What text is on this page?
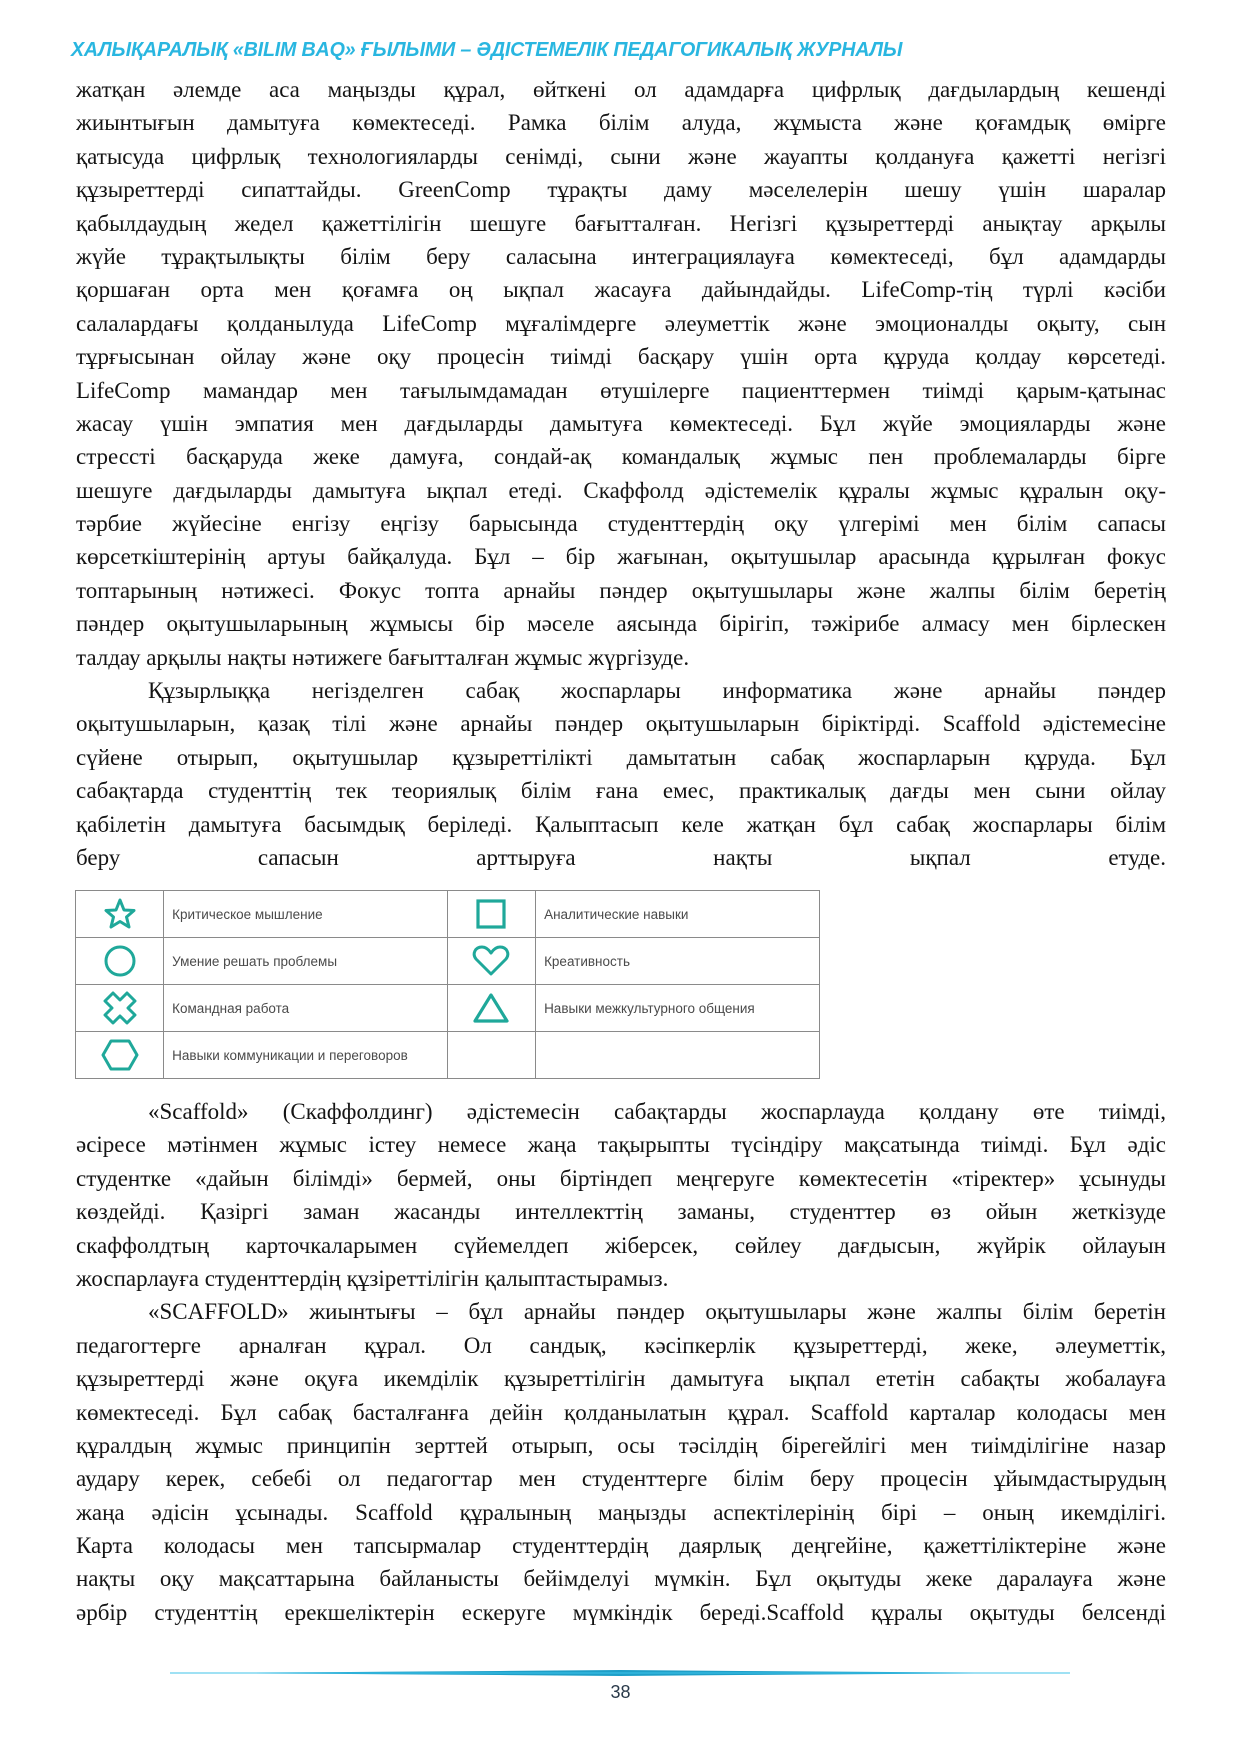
ХАЛЫҚАРАЛЫҚ «BILIM BAQ» ҒЫЛЫМИ – ӘДІСТЕМЕЛІК ПЕДАГОГИКАЛЫҚ ЖУРНАЛЫ
жатқан әлемде аса маңызды құрал, өйткені ол адамдарға цифрлық дағдылардың кешенді
жиынтығын дамытуға көмектеседі. Рамка білім алуда, жұмыста және қоғамдық өмірге
қатысуда цифрлық технологияларды сенімді, сыни және жауапты қолдануға қажетті негізгі
құзыреттерді сипаттайды. GreenComp тұрақты даму мәселелерін шешу үшін шаралар
қабылдаудың жедел қажеттілігін шешуге бағытталған. Негізгі құзыреттерді анықтау арқылы
жүйе тұрақтылықты білім беру саласына интеграциялауға көмектеседі, бұл адамдарды
қоршаған орта мен қоғамға оң ықпал жасауға дайындайды. LifeComp-тің түрлі кәсіби
салалардағы қолданылуда LifeComp мұғалімдерге әлеуметтік және эмоционалды оқыту, сын
тұрғысынан ойлау және оқу процесін тиімді басқару үшін орта құруда қолдау көрсетеді.
LifeComp мамандар мен тағылымдамадан өтушілерге пациенттермен тиімді қарым-қатынас
жасау үшін эмпатия мен дағдыларды дамытуға көмектеседі. Бұл жүйе эмоцияларды және
стрессті басқаруда жеке дамуға, сондай-ақ командалық жұмыс пен проблемаларды бірге
шешуге дағдыларды дамытуға ықпал етеді. Скаффолд әдістемелік құралы жұмыс құралын оқу-
тәрбие жүйесіне енгізу еңгізу барысында студенттердің оқу үлгерімі мен білім сапасы
көрсеткіштерінің артуы байқалуда. Бұл – бір жағынан, оқытушылар арасында құрылған фокус
топтарының нәтижесі. Фокус топта арнайы пәндер оқытушылары және жалпы білім беретің
пәндер оқытушыларының жұмысы бір мәселе аясында бірігіп, тәжірибе алмасу мен бірлескен
талдау арқылы нақты нәтижеге бағытталған жұмыс жүргізуде.
Құзырлыққа негізделген сабақ жоспарлары информатика және арнайы пәндер
оқытушыларын, қазақ тілі және арнайы пәндер оқытушыларын біріктірді. Scaffold әдістемесіне
сүйене отырып, оқытушылар құзыреттілікті дамытатын сабақ жоспарларын құруда. Бұл
сабақтарда студенттің тек теориялық білім ғана емес, практикалық дағды мен сыни ойлау
қабілетін дамытуға басымдық беріледі. Қалыптасып келе жатқан бұл сабақ жоспарлары білім
беру сапасын арттыруға нақты ықпал етуде.
	Критическое мышление		Аналитические навыки

	Умение решать проблемы		Креативность

	Командная работа		Навыки межкультурного общения

	Навыки коммуникации и переговоров		
«Scaffold» (Скаффолдинг) әдістемесін сабақтарды жоспарлауда қолдану өте тиімді,
әсіресе мәтінмен жұмыс істеу немесе жаңа тақырыпты түсіндіру мақсатында тиімді. Бұл әдіс
студентке «дайын білімді» бермей, оны біртіндеп меңгеруге көмектесетін «тіректер» ұсынуды
көздейді. Қазіргі заман жасанды интеллекттің заманы, студенттер өз ойын жеткізуде
скаффолдтың карточкаларымен сүйемелдеп жіберсек, сөйлеу дағдысын, жүйрік ойлауын
жоспарлауға студенттердің құзіреттілігін қалыптастырамыз.
«SCAFFOLD» жиынтығы – бұл арнайы пәндер оқытушылары және жалпы білім беретін
педагогтерге арналған құрал. Ол сандық, кәсіпкерлік құзыреттерді, жеке, әлеуметтік,
құзыреттерді және оқуға икемділік құзыреттілігін дамытуға ықпал ететін сабақты жобалауға
көмектеседі. Бұл сабақ басталғанға дейін қолданылатын құрал. Scaffold карталар колодасы мен
құралдың жұмыс принципін зерттей отырып, осы тәсілдің бірегейлігі мен тиімділігіне назар
аудару керек, себебі ол педагогтар мен студенттерге білім беру процесін ұйымдастырудың
жаңа әдісін ұсынады. Scaffold құралының маңызды аспектілерінің бірі – оның икемділігі.
Карта колодасы мен тапсырмалар студенттердің даярлық деңгейіне, қажеттіліктеріне және
нақты оқу мақсаттарына байланысты бейімделуі мүмкін. Бұл оқытуды жеке даралауға және
әрбір студенттің ерекшеліктерін ескеруге мүмкіндік береді.Scaffold құралы оқытуды белсенді
38
